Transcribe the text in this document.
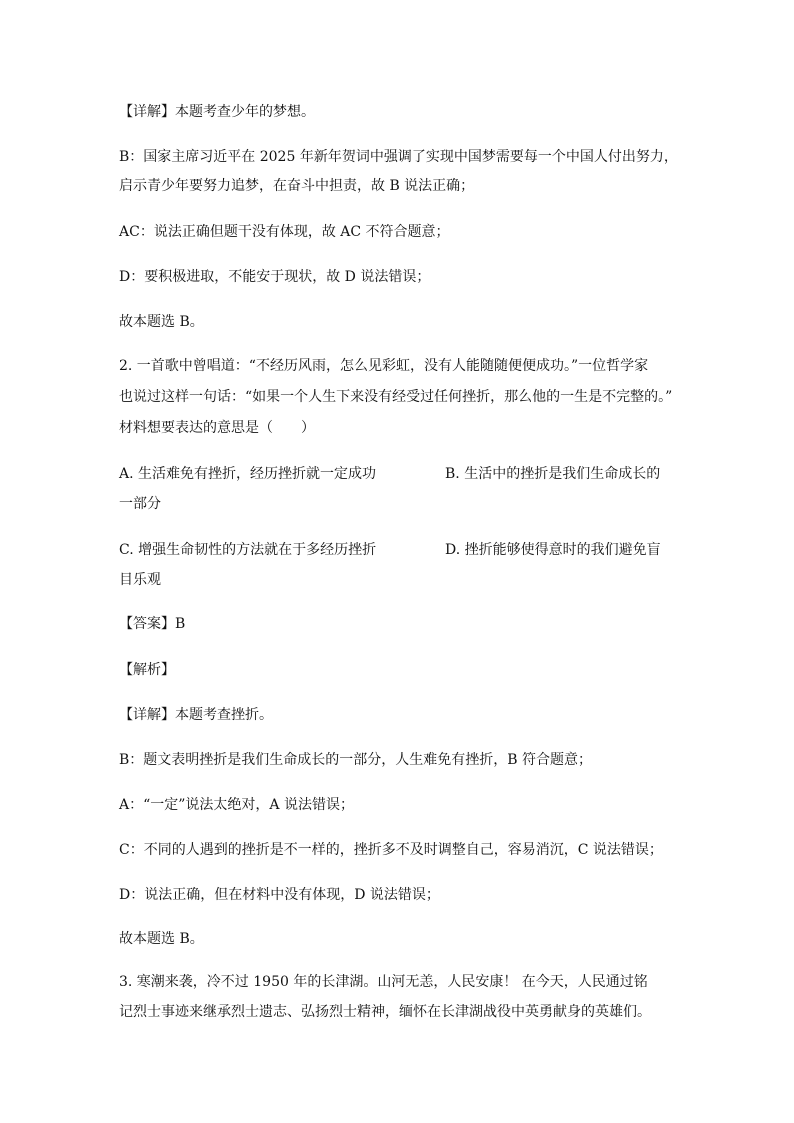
【详解】本题考查少年的梦想。
B：国家主席习近平在 2025 年新年贺词中强调了实现中国梦需要每一个中国人付出努力，
启示青少年要努力追梦，在奋斗中担责，故 B 说法正确；
AC：说法正确但题干没有体现，故 AC 不符合题意；
D：要积极进取，不能安于现状，故 D 说法错误；
故本题选 B。
2. 一首歌中曾唱道：“不经历风雨，怎么见彩虹，没有人能随随便便成功。”一位哲学家
也说过这样一句话：“如果一个人生下来没有经受过任何挫折，那么他的一生是不完整的。”
材料想要表达的意思是（　　）
A. 生活难免有挫折，经历挫折就一定成功	B. 生活中的挫折是我们生命成长的
一部分
C. 增强生命韧性的方法就在于多经历挫折	D. 挫折能够使得意时的我们避免盲
目乐观
【答案】B
【解析】
【详解】本题考查挫折。
B：题文表明挫折是我们生命成长的一部分，人生难免有挫折，B 符合题意；
A：“一定”说法太绝对，A 说法错误；
C：不同的人遇到的挫折是不一样的，挫折多不及时调整自己，容易消沉，C 说法错误；
D：说法正确，但在材料中没有体现，D 说法错误；
故本题选 B。
3. 寒潮来袭，冷不过 1950 年的长津湖。山河无恙，人民安康！ 在今天，人民通过铭
记烈士事迹来继承烈士遗志、弘扬烈士精神，缅怀在长津湖战役中英勇献身的英雄们。
